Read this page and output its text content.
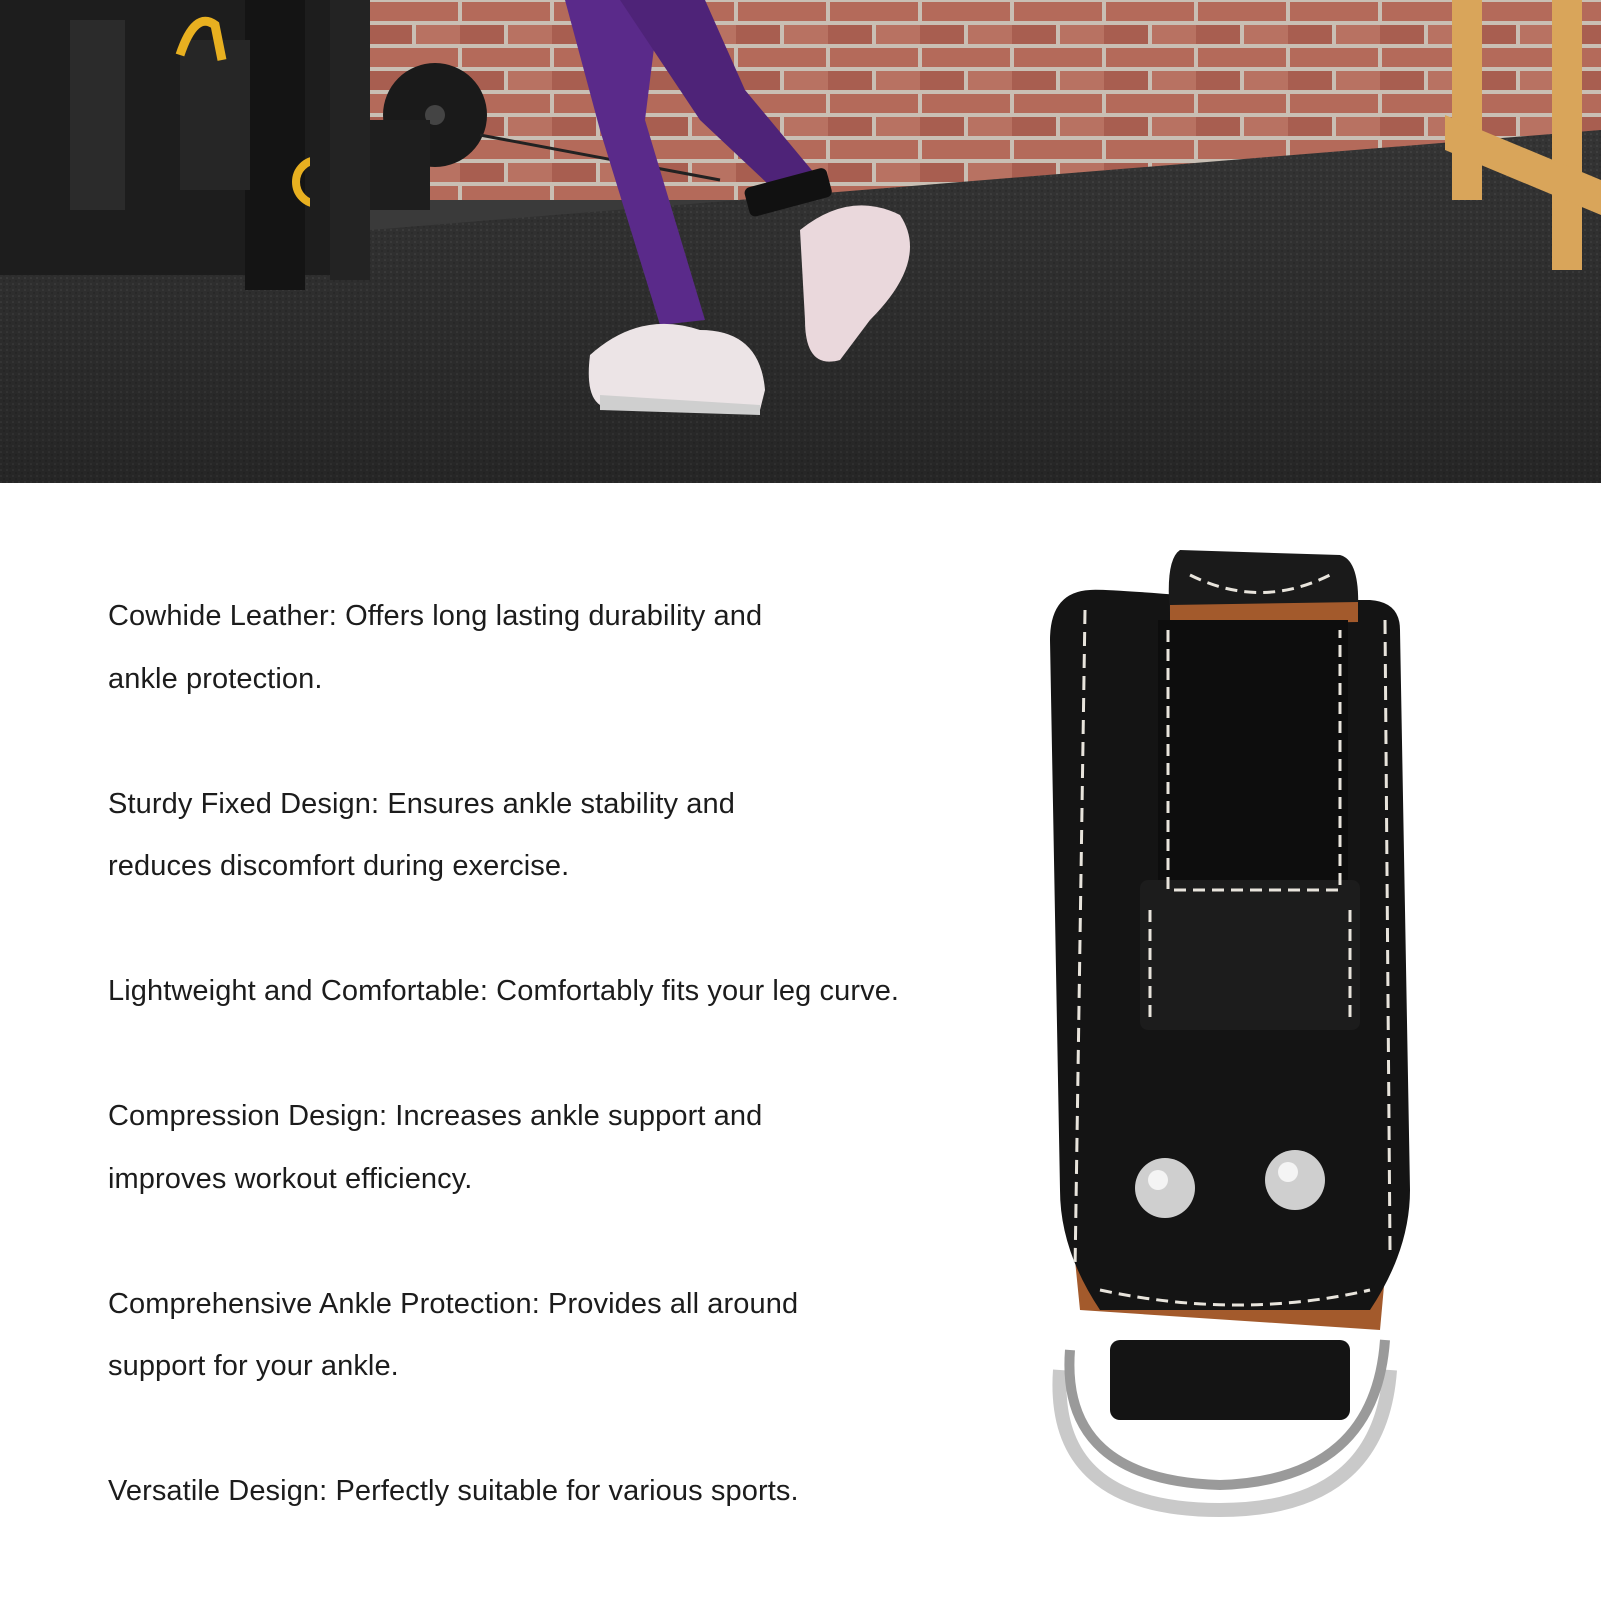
Cowhide Leather: Offers long lasting durability and
ankle protection.
Sturdy Fixed Design: Ensures ankle stability and
reduces discomfort during exercise.
Lightweight and Comfortable: Comfortably fits your leg curve.
Compression Design: Increases ankle support and
improves workout efficiency.
Comprehensive Ankle Protection: Provides all around
support for your ankle.
Versatile Design: Perfectly suitable for various sports.
